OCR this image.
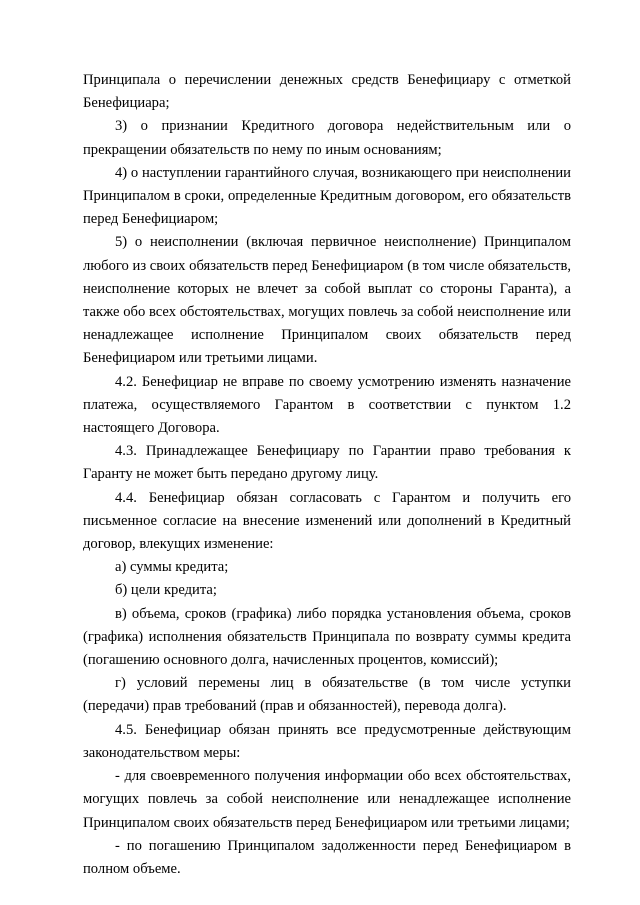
Принципала о перечислении денежных средств Бенефициару с отметкой Бенефициара;

3) о признании Кредитного договора недействительным или о прекращении обязательств по нему по иным основаниям;

4) о наступлении гарантийного случая, возникающего при неисполнении Принципалом в сроки, определенные Кредитным договором, его обязательств перед Бенефициаром;

5) о неисполнении (включая первичное неисполнение) Принципалом любого из своих обязательств перед Бенефициаром (в том числе обязательств, неисполнение которых не влечет за собой выплат со стороны Гаранта), а также обо всех обстоятельствах, могущих повлечь за собой неисполнение или ненадлежащее исполнение Принципалом своих обязательств перед Бенефициаром или третьими лицами.

4.2. Бенефициар не вправе по своему усмотрению изменять назначение платежа, осуществляемого Гарантом в соответствии с пунктом 1.2 настоящего Договора.

4.3. Принадлежащее Бенефициару по Гарантии право требования к Гаранту не может быть передано другому лицу.

4.4. Бенефициар обязан согласовать с Гарантом и получить его письменное согласие на внесение изменений или дополнений в Кредитный договор, влекущих изменение:

а) суммы кредита;

б) цели кредита;

в) объема, сроков (графика) либо порядка установления объема, сроков (графика) исполнения обязательств Принципала по возврату суммы кредита (погашению основного долга, начисленных процентов, комиссий);

г) условий перемены лиц в обязательстве (в том числе уступки (передачи) прав требований (прав и обязанностей), перевода долга).

4.5. Бенефициар обязан принять все предусмотренные действующим законодательством меры:

- для своевременного получения информации обо всех обстоятельствах, могущих повлечь за собой неисполнение или ненадлежащее исполнение Принципалом своих обязательств перед Бенефициаром или третьими лицами;

- по погашению Принципалом задолженности перед Бенефициаром в полном объеме.
